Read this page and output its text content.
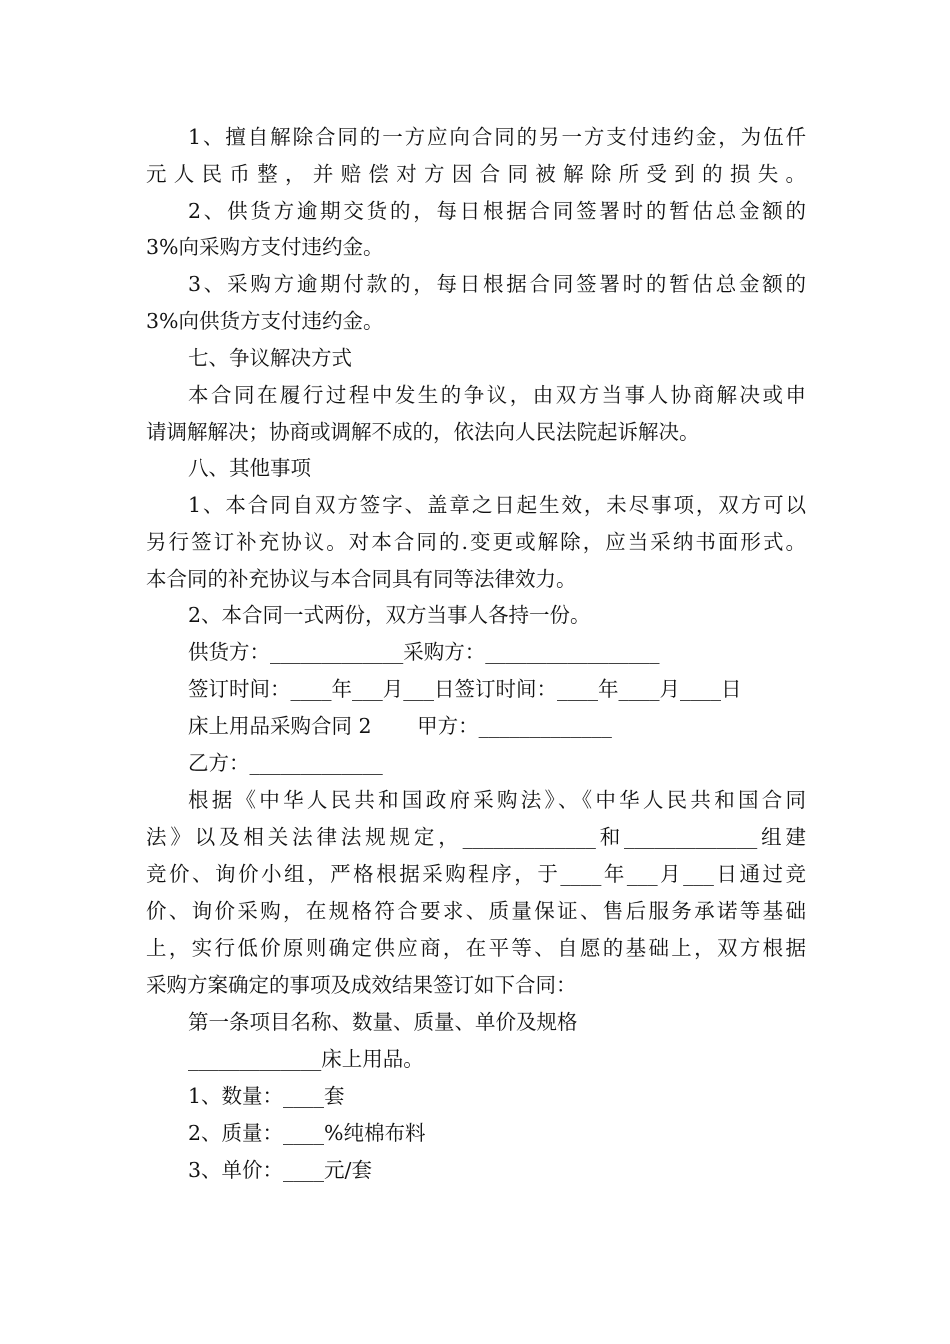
1、擅自解除合同的一方应向合同的另一方支付违约金，为伍仟
元人民币整，并赔偿对方因合同被解除所受到的损失。
2、供货方逾期交货的，每日根据合同签署时的暂估总金额的
3%向采购方支付违约金。
3、采购方逾期付款的，每日根据合同签署时的暂估总金额的
3%向供货方支付违约金。
七、争议解决方式
本合同在履行过程中发生的争议，由双方当事人协商解决或申
请调解解决；协商或调解不成的，依法向人民法院起诉解决。
八、其他事项
1、本合同自双方签字、盖章之日起生效，未尽事项，双方可以
另行签订补充协议。对本合同的.变更或解除，应当采纳书面形式。
本合同的补充协议与本合同具有同等法律效力。
2、本合同一式两份，双方当事人各持一份。
供货方：_____________采购方：_________________
签订时间：____年___月___日签订时间：____年____月____日
床上用品采购合同 2       甲方：_____________
乙方：_____________
根据《中华人民共和国政府采购法》、《中华人民共和国合同
法》以及相关法律法规规定，_____________和_____________组建
竞价、询价小组，严格根据采购程序，于____年___月___日通过竞
价、询价采购，在规格符合要求、质量保证、售后服务承诺等基础
上，实行低价原则确定供应商，在平等、自愿的基础上，双方根据
采购方案确定的事项及成效结果签订如下合同：
第一条项目名称、数量、质量、单价及规格
_____________床上用品。
1、数量：____套
2、质量：____%纯棉布料
3、单价：____元/套
